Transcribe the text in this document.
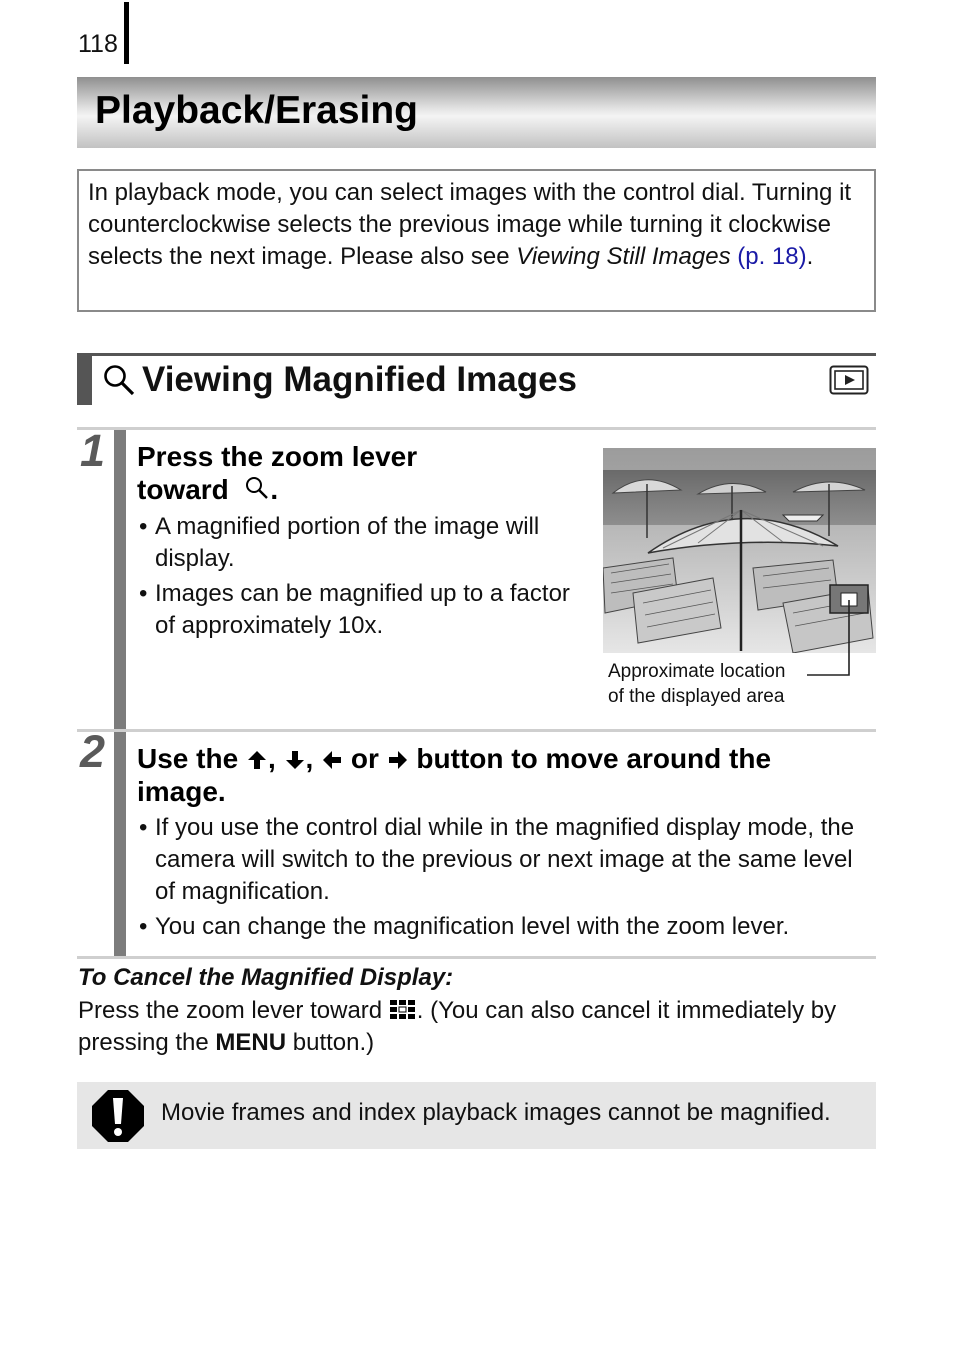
118
Playback/Erasing

In playback mode, you can select images with the control dial. Turning it counterclockwise selects the previous image while turning it clockwise selects the next image. Please also see Viewing Still Images (p. 18).

Viewing Magnified Images
1 Press the zoom lever
toward .
• A magnified portion of the image will display.
• Images can be magnified up to a factor of approximately 10x.
Approximate location
of the displayed area
2 Use the , , or button to move around the image.
• If you use the control dial while in the magnified display mode, the camera will switch to the previous or next image at the same level of magnification.
• You can change the magnification level with the zoom lever.
To Cancel the Magnified Display:

Press the zoom lever toward . (You can also cancel it immediately by pressing the MENU button.)

Movie frames and index playback images cannot be magnified.
